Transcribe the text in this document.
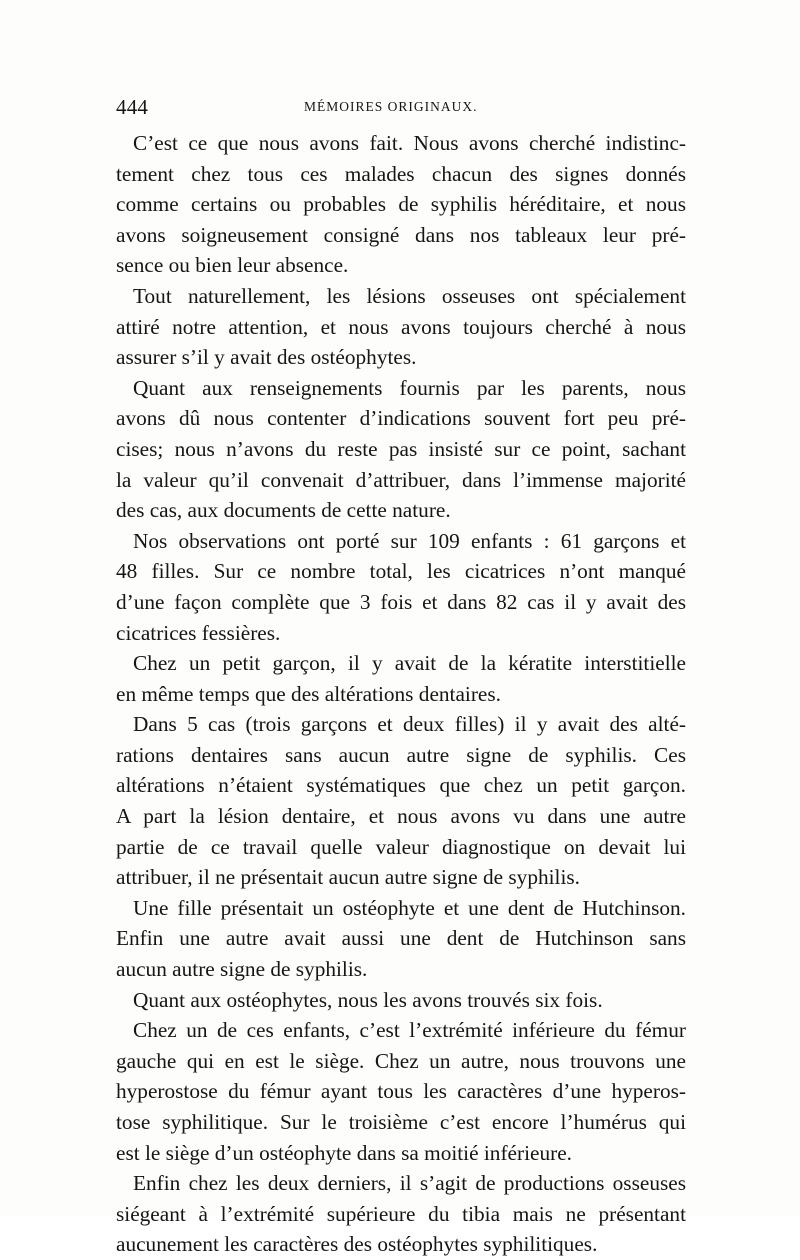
444	MÉMOIRES ORIGINAUX.
C’est ce que nous avons fait. Nous avons cherché indistinc-
tement chez tous ces malades chacun des signes donnés
comme certains ou probables de syphilis héréditaire, et nous
avons soigneusement consigné dans nos tableaux leur pré-
sence ou bien leur absence.
Tout naturellement, les lésions osseuses ont spécialement
attiré notre attention, et nous avons toujours cherché à nous
assurer s’il y avait des ostéophytes.
Quant aux renseignements fournis par les parents, nous
avons dû nous contenter d’indications souvent fort peu pré-
cises; nous n’avons du reste pas insisté sur ce point, sachant
la valeur qu’il convenait d’attribuer, dans l’immense majorité
des cas, aux documents de cette nature.
Nos observations ont porté sur 109 enfants : 61 garçons et
48 filles. Sur ce nombre total, les cicatrices n’ont manqué
d’une façon complète que 3 fois et dans 82 cas il y avait des
cicatrices fessières.
Chez un petit garçon, il y avait de la kératite interstitielle
en même temps que des altérations dentaires.
Dans 5 cas (trois garçons et deux filles) il y avait des alté-
rations dentaires sans aucun autre signe de syphilis. Ces
altérations n’étaient systématiques que chez un petit garçon.
A part la lésion dentaire, et nous avons vu dans une autre
partie de ce travail quelle valeur diagnostique on devait lui
attribuer, il ne présentait aucun autre signe de syphilis.
Une fille présentait un ostéophyte et une dent de Hutchinson.
Enfin une autre avait aussi une dent de Hutchinson sans
aucun autre signe de syphilis.
Quant aux ostéophytes, nous les avons trouvés six fois.
Chez un de ces enfants, c’est l’extrémité inférieure du fémur
gauche qui en est le siège. Chez un autre, nous trouvons une
hyperostose du fémur ayant tous les caractères d’une hyperos-
tose syphilitique. Sur le troisième c’est encore l’humérus qui
est le siège d’un ostéophyte dans sa moitié inférieure.
Enfin chez les deux derniers, il s’agit de productions osseuses
siégeant à l’extrémité supérieure du tibia mais ne présentant
aucunement les caractères des ostéophytes syphilitiques.
